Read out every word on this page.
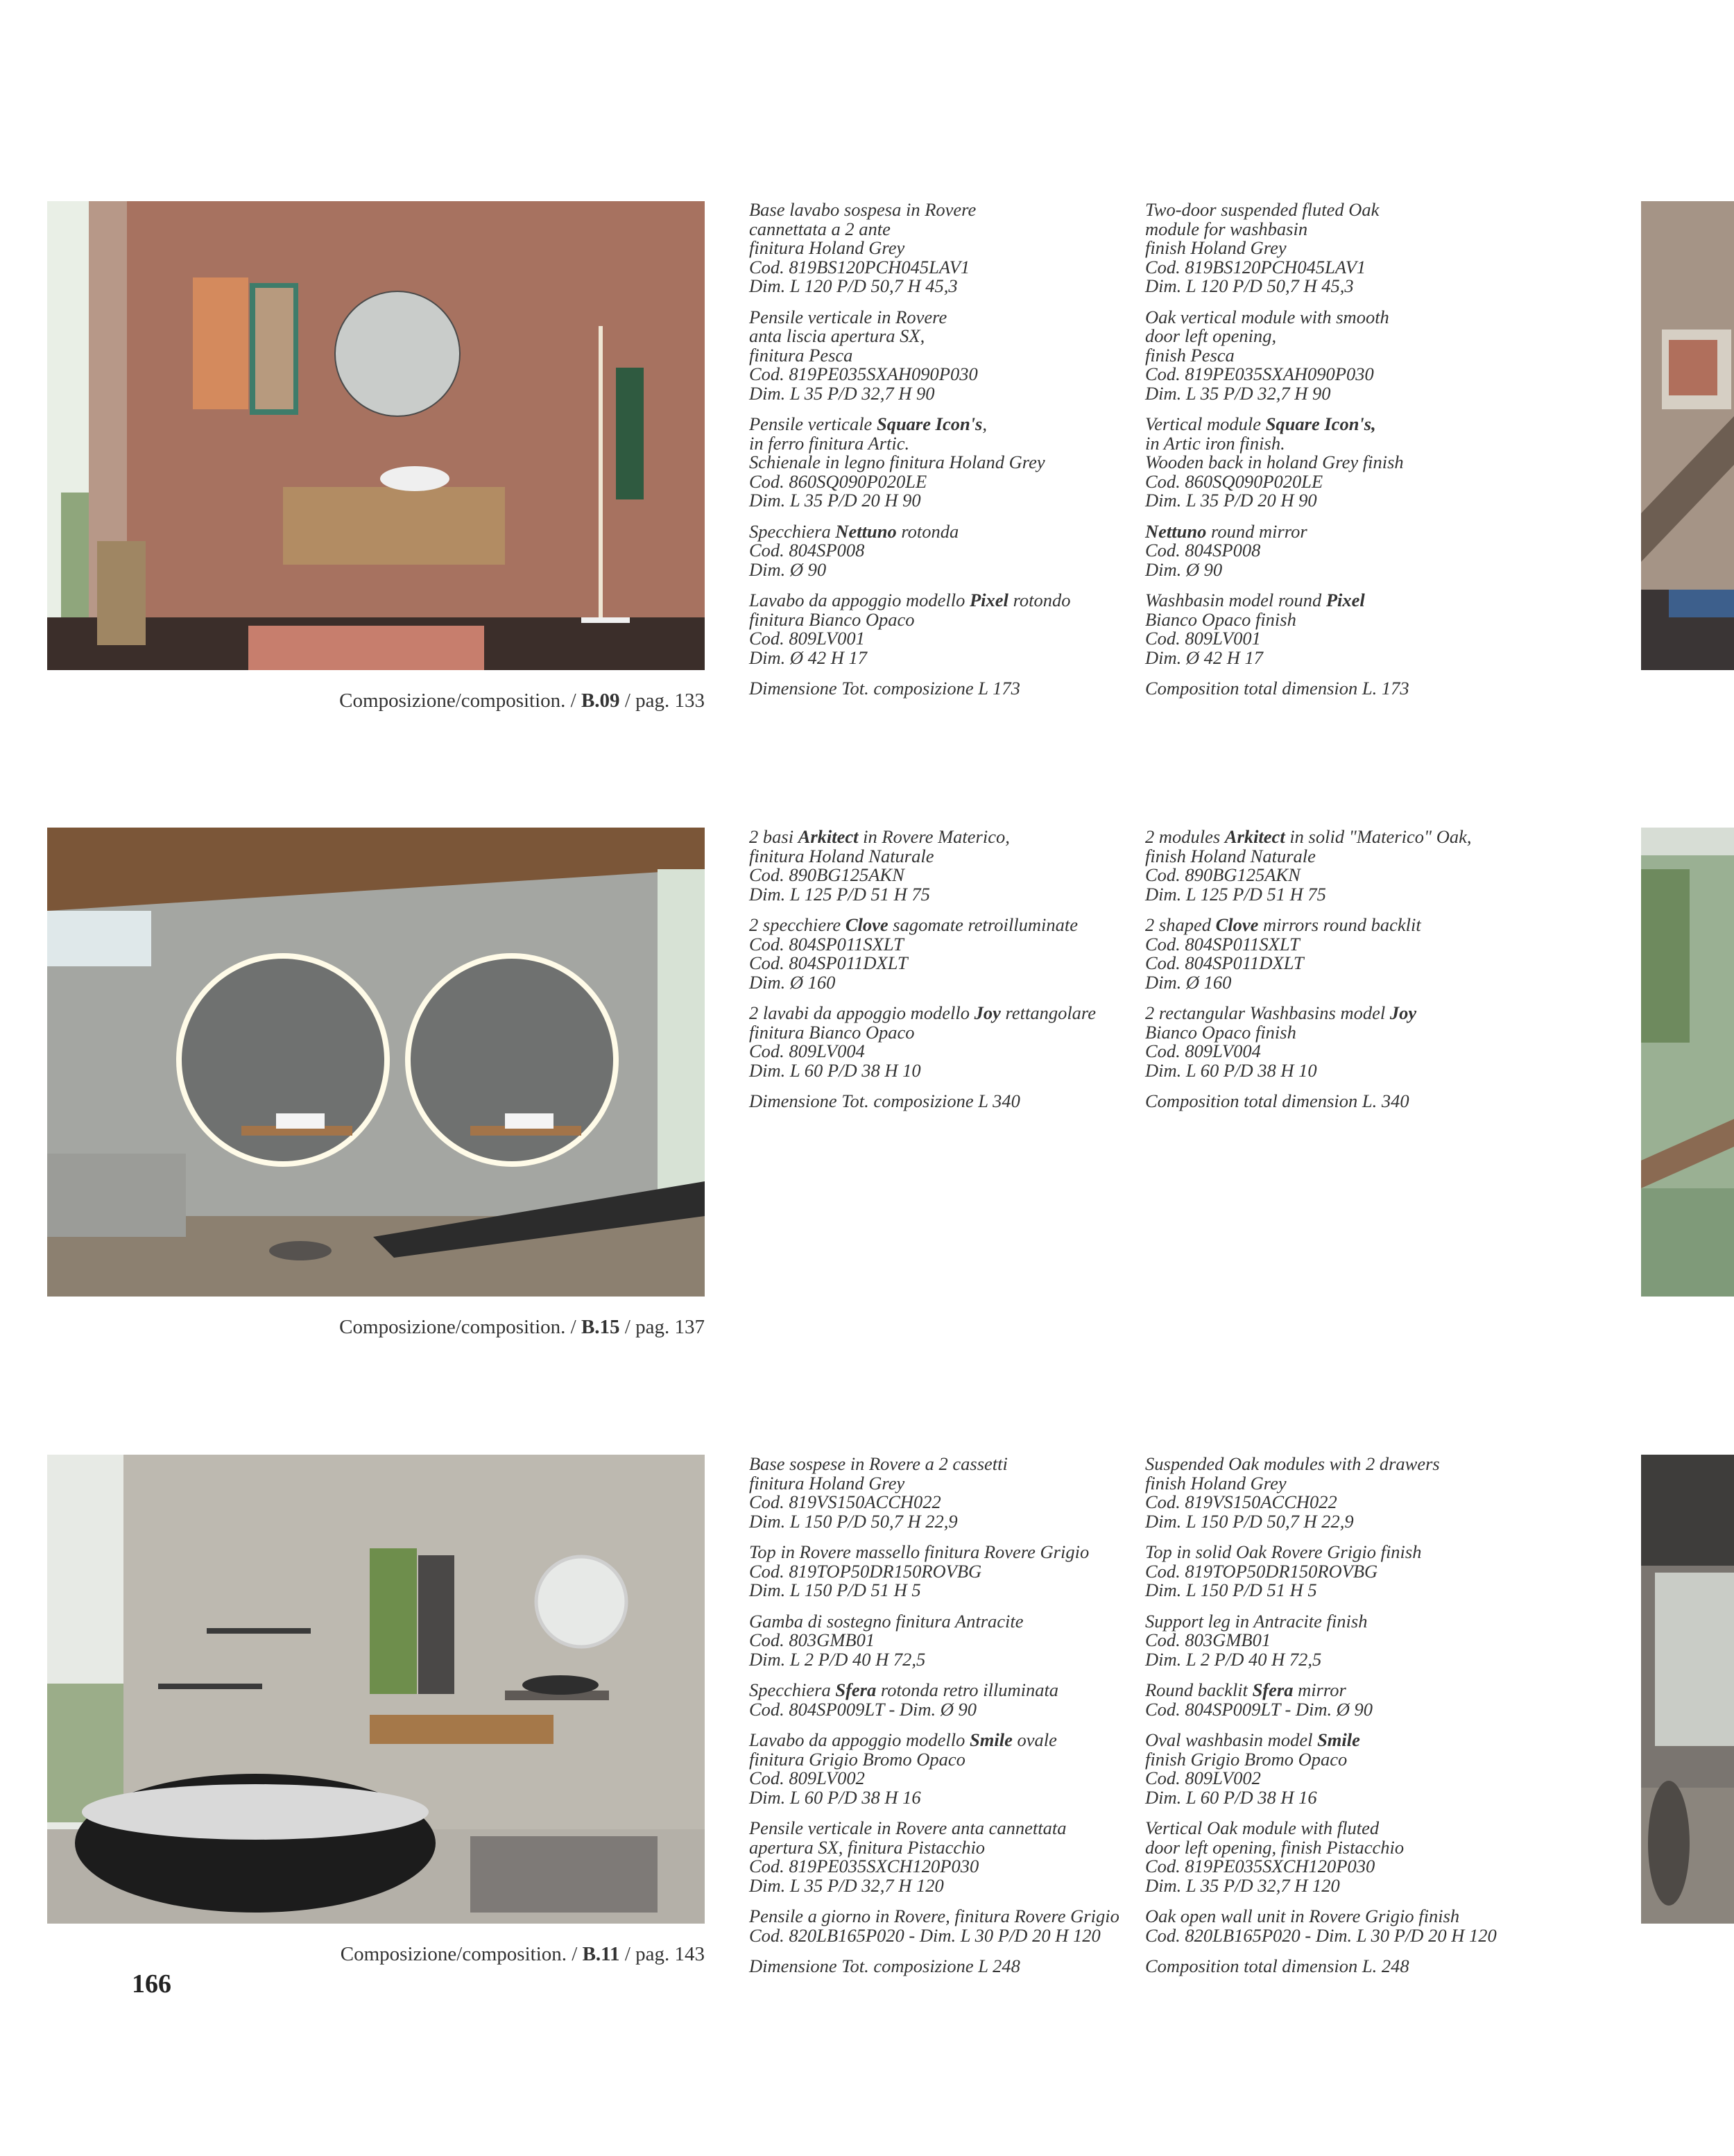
Composizione/composition. / B.09 / pag. 133
Base lavabo sospesa in Rovere
cannettata a 2 ante
finitura Holand Grey
Cod. 819BS120PCH045LAV1
Dim. L 120 P/D 50,7 H 45,3
Pensile verticale in Rovere
anta liscia apertura SX,
finitura Pesca
Cod. 819PE035SXAH090P030
Dim. L 35 P/D 32,7 H 90
Pensile verticale Square Icon's,
in ferro finitura Artic.
Schienale in legno finitura Holand Grey
Cod. 860SQ090P020LE
Dim. L 35 P/D 20 H 90
Specchiera Nettuno rotonda
Cod. 804SP008
Dim. Ø 90
Lavabo da appoggio modello Pixel rotondo
finitura Bianco Opaco
Cod. 809LV001
Dim. Ø 42 H 17
Dimensione Tot. composizione L 173
Two-door suspended fluted Oak
module for washbasin
finish Holand Grey
Cod. 819BS120PCH045LAV1
Dim. L 120 P/D 50,7 H 45,3
Oak vertical module with smooth
door left opening,
finish Pesca
Cod. 819PE035SXAH090P030
Dim. L 35 P/D 32,7 H 90
Vertical module Square Icon's,
in Artic iron finish.
Wooden back in holand Grey finish
Cod. 860SQ090P020LE
Dim. L 35 P/D 20 H 90
Nettuno round mirror
Cod. 804SP008
Dim. Ø 90
Washbasin model round Pixel
Bianco Opaco finish
Cod. 809LV001
Dim. Ø 42 H 17
Composition total dimension L. 173
Composizione/composition. / B.15 / pag. 137
2 basi Arkitect in Rovere Materico,
finitura Holand Naturale
Cod. 890BG125AKN
Dim. L 125 P/D 51 H 75
2 specchiere Clove sagomate retroilluminate
Cod. 804SP011SXLT
Cod. 804SP011DXLT
Dim. Ø 160
2 lavabi da appoggio modello Joy rettangolare
finitura Bianco Opaco
Cod. 809LV004
Dim. L 60 P/D 38 H 10
Dimensione Tot. composizione L 340
2 modules Arkitect in solid "Materico" Oak,
finish Holand Naturale
Cod. 890BG125AKN
Dim. L 125 P/D 51 H 75
2 shaped Clove mirrors round backlit
Cod. 804SP011SXLT
Cod. 804SP011DXLT
Dim. Ø 160
2 rectangular Washbasins model Joy
Bianco Opaco finish
Cod. 809LV004
Dim. L 60 P/D 38 H 10
Composition total dimension L. 340
Composizione/composition. / B.11 / pag. 143
Base sospese in Rovere a 2 cassetti
finitura Holand Grey
Cod. 819VS150ACCH022
Dim. L 150 P/D 50,7 H 22,9
Top in Rovere massello finitura Rovere Grigio
Cod. 819TOP50DR150ROVBG
Dim. L 150 P/D 51 H 5
Gamba di sostegno finitura Antracite
Cod. 803GMB01
Dim. L 2 P/D 40 H 72,5
Specchiera Sfera rotonda retro illuminata
Cod. 804SP009LT - Dim. Ø 90
Lavabo da appoggio modello Smile ovale
finitura Grigio Bromo Opaco
Cod. 809LV002
Dim. L 60 P/D 38 H 16
Pensile verticale in Rovere anta cannettata
apertura SX, finitura Pistacchio
Cod. 819PE035SXCH120P030
Dim. L 35 P/D 32,7 H 120
Pensile a giorno in Rovere, finitura Rovere Grigio
Cod. 820LB165P020 - Dim. L 30 P/D 20 H 120
Dimensione Tot. composizione L 248
Suspended Oak modules with 2 drawers
finish Holand Grey
Cod. 819VS150ACCH022
Dim. L 150 P/D 50,7 H 22,9
Top in solid Oak Rovere Grigio finish
Cod. 819TOP50DR150ROVBG
Dim. L 150 P/D 51 H 5
Support leg in Antracite finish
Cod. 803GMB01
Dim. L 2 P/D 40 H 72,5
Round backlit Sfera mirror
Cod. 804SP009LT - Dim. Ø 90
Oval washbasin model Smile
finish Grigio Bromo Opaco
Cod. 809LV002
Dim. L 60 P/D 38 H 16
Vertical Oak module with fluted
door left opening, finish Pistacchio
Cod. 819PE035SXCH120P030
Dim. L 35 P/D 32,7 H 120
Oak open wall unit in Rovere Grigio finish
Cod. 820LB165P020 - Dim. L 30 P/D 20 H 120
Composition total dimension L. 248
166
